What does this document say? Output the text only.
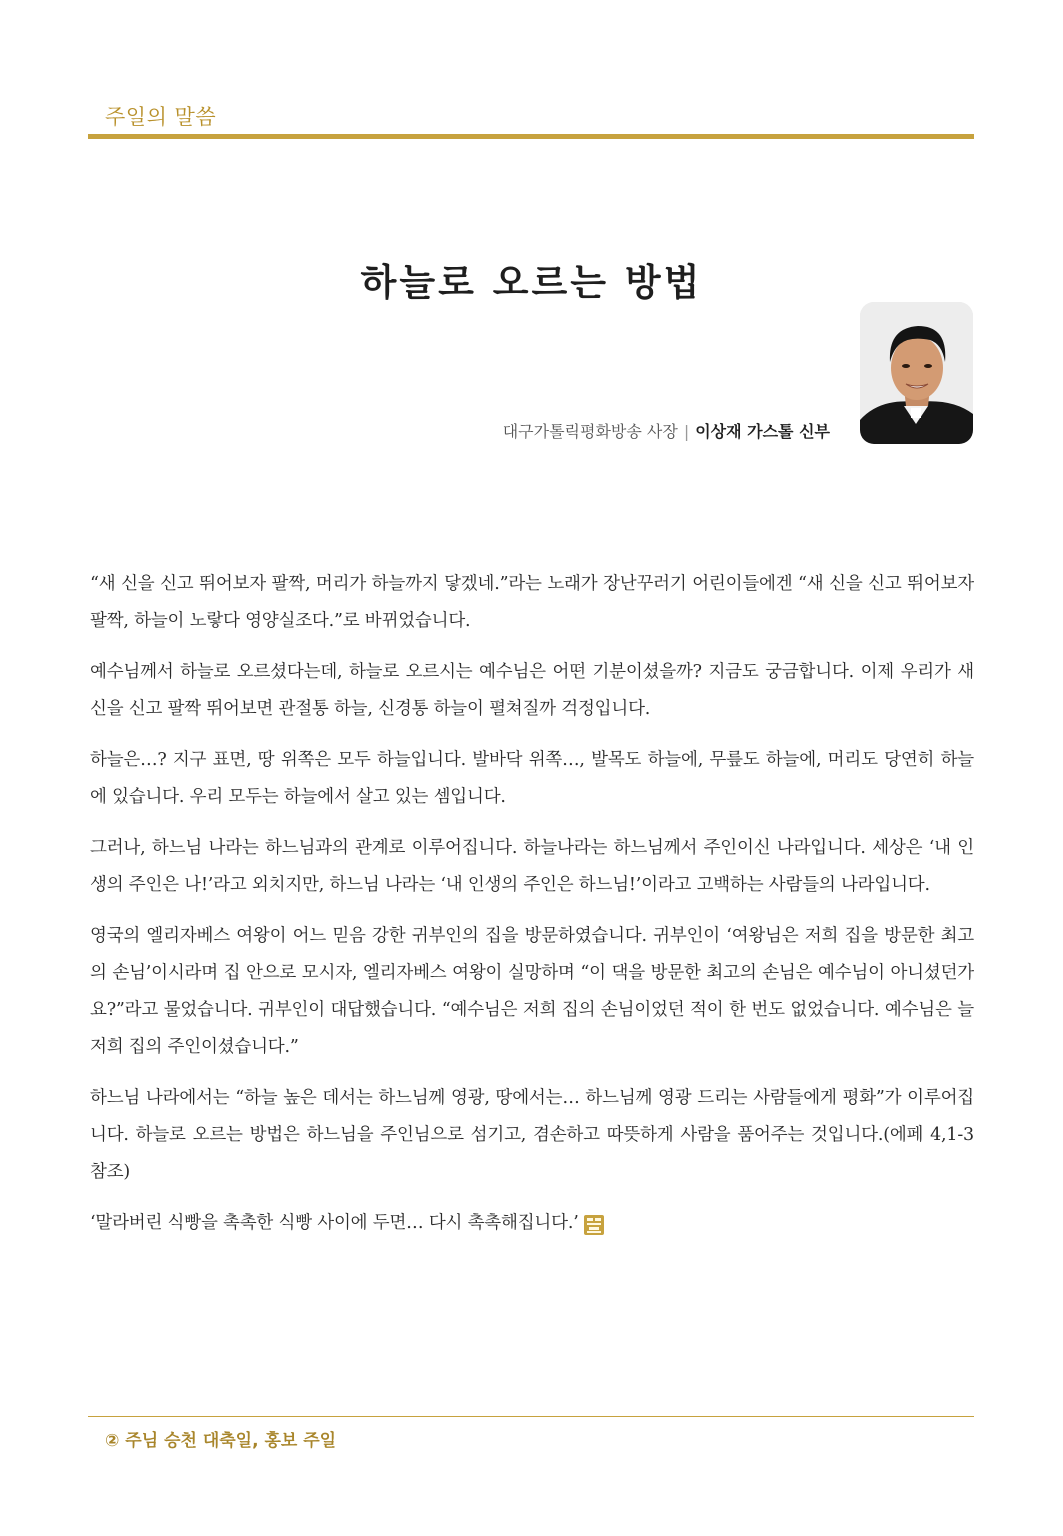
주일의 말씀
하늘로 오르는 방법
대구가톨릭평화방송 사장 | 이상재 가스톨 신부

“새 신을 신고 뛰어보자 팔짝, 머리가 하늘까지 닿겠네.”라는 노래가 장난꾸러기 어린이들에겐 “새 신을 신고 뛰어보자 팔짝, 하늘이 노랗다 영양실조다.”로 바뀌었습니다.

예수님께서 하늘로 오르셨다는데, 하늘로 오르시는 예수님은 어떤 기분이셨을까? 지금도 궁금합니다. 이제 우리가 새 신을 신고 팔짝 뛰어보면 관절통 하늘, 신경통 하늘이 펼쳐질까 걱정입니다.

하늘은…? 지구 표면, 땅 위쪽은 모두 하늘입니다. 발바닥 위쪽…, 발목도 하늘에, 무릎도 하늘에, 머리도 당연히 하늘에 있습니다. 우리 모두는 하늘에서 살고 있는 셈입니다.

그러나, 하느님 나라는 하느님과의 관계로 이루어집니다. 하늘나라는 하느님께서 주인이신 나라입니다. 세상은 ‘내 인생의 주인은 나!’라고 외치지만, 하느님 나라는 ‘내 인생의 주인은 하느님!’이라고 고백하는 사람들의 나라입니다.

영국의 엘리자베스 여왕이 어느 믿음 강한 귀부인의 집을 방문하였습니다. 귀부인이 ‘여왕님은 저희 집을 방문한 최고의 손님’이시라며 집 안으로 모시자, 엘리자베스 여왕이 실망하며 “이 댁을 방문한 최고의 손님은 예수님이 아니셨던가요?”라고 물었습니다. 귀부인이 대답했습니다. “예수님은 저희 집의 손님이었던 적이 한 번도 없었습니다. 예수님은 늘 저희 집의 주인이셨습니다.”

하느님 나라에서는 “하늘 높은 데서는 하느님께 영광, 땅에서는… 하느님께 영광 드리는 사람들에게 평화”가 이루어집니다. 하늘로 오르는 방법은 하느님을 주인님으로 섬기고, 겸손하고 따뜻하게 사람을 품어주는 것입니다.(에페 4,1-3 참조)

‘말라버린 식빵을 촉촉한 식빵 사이에 두면… 다시 촉촉해집니다.’

② 주님 승천 대축일, 홍보 주일
